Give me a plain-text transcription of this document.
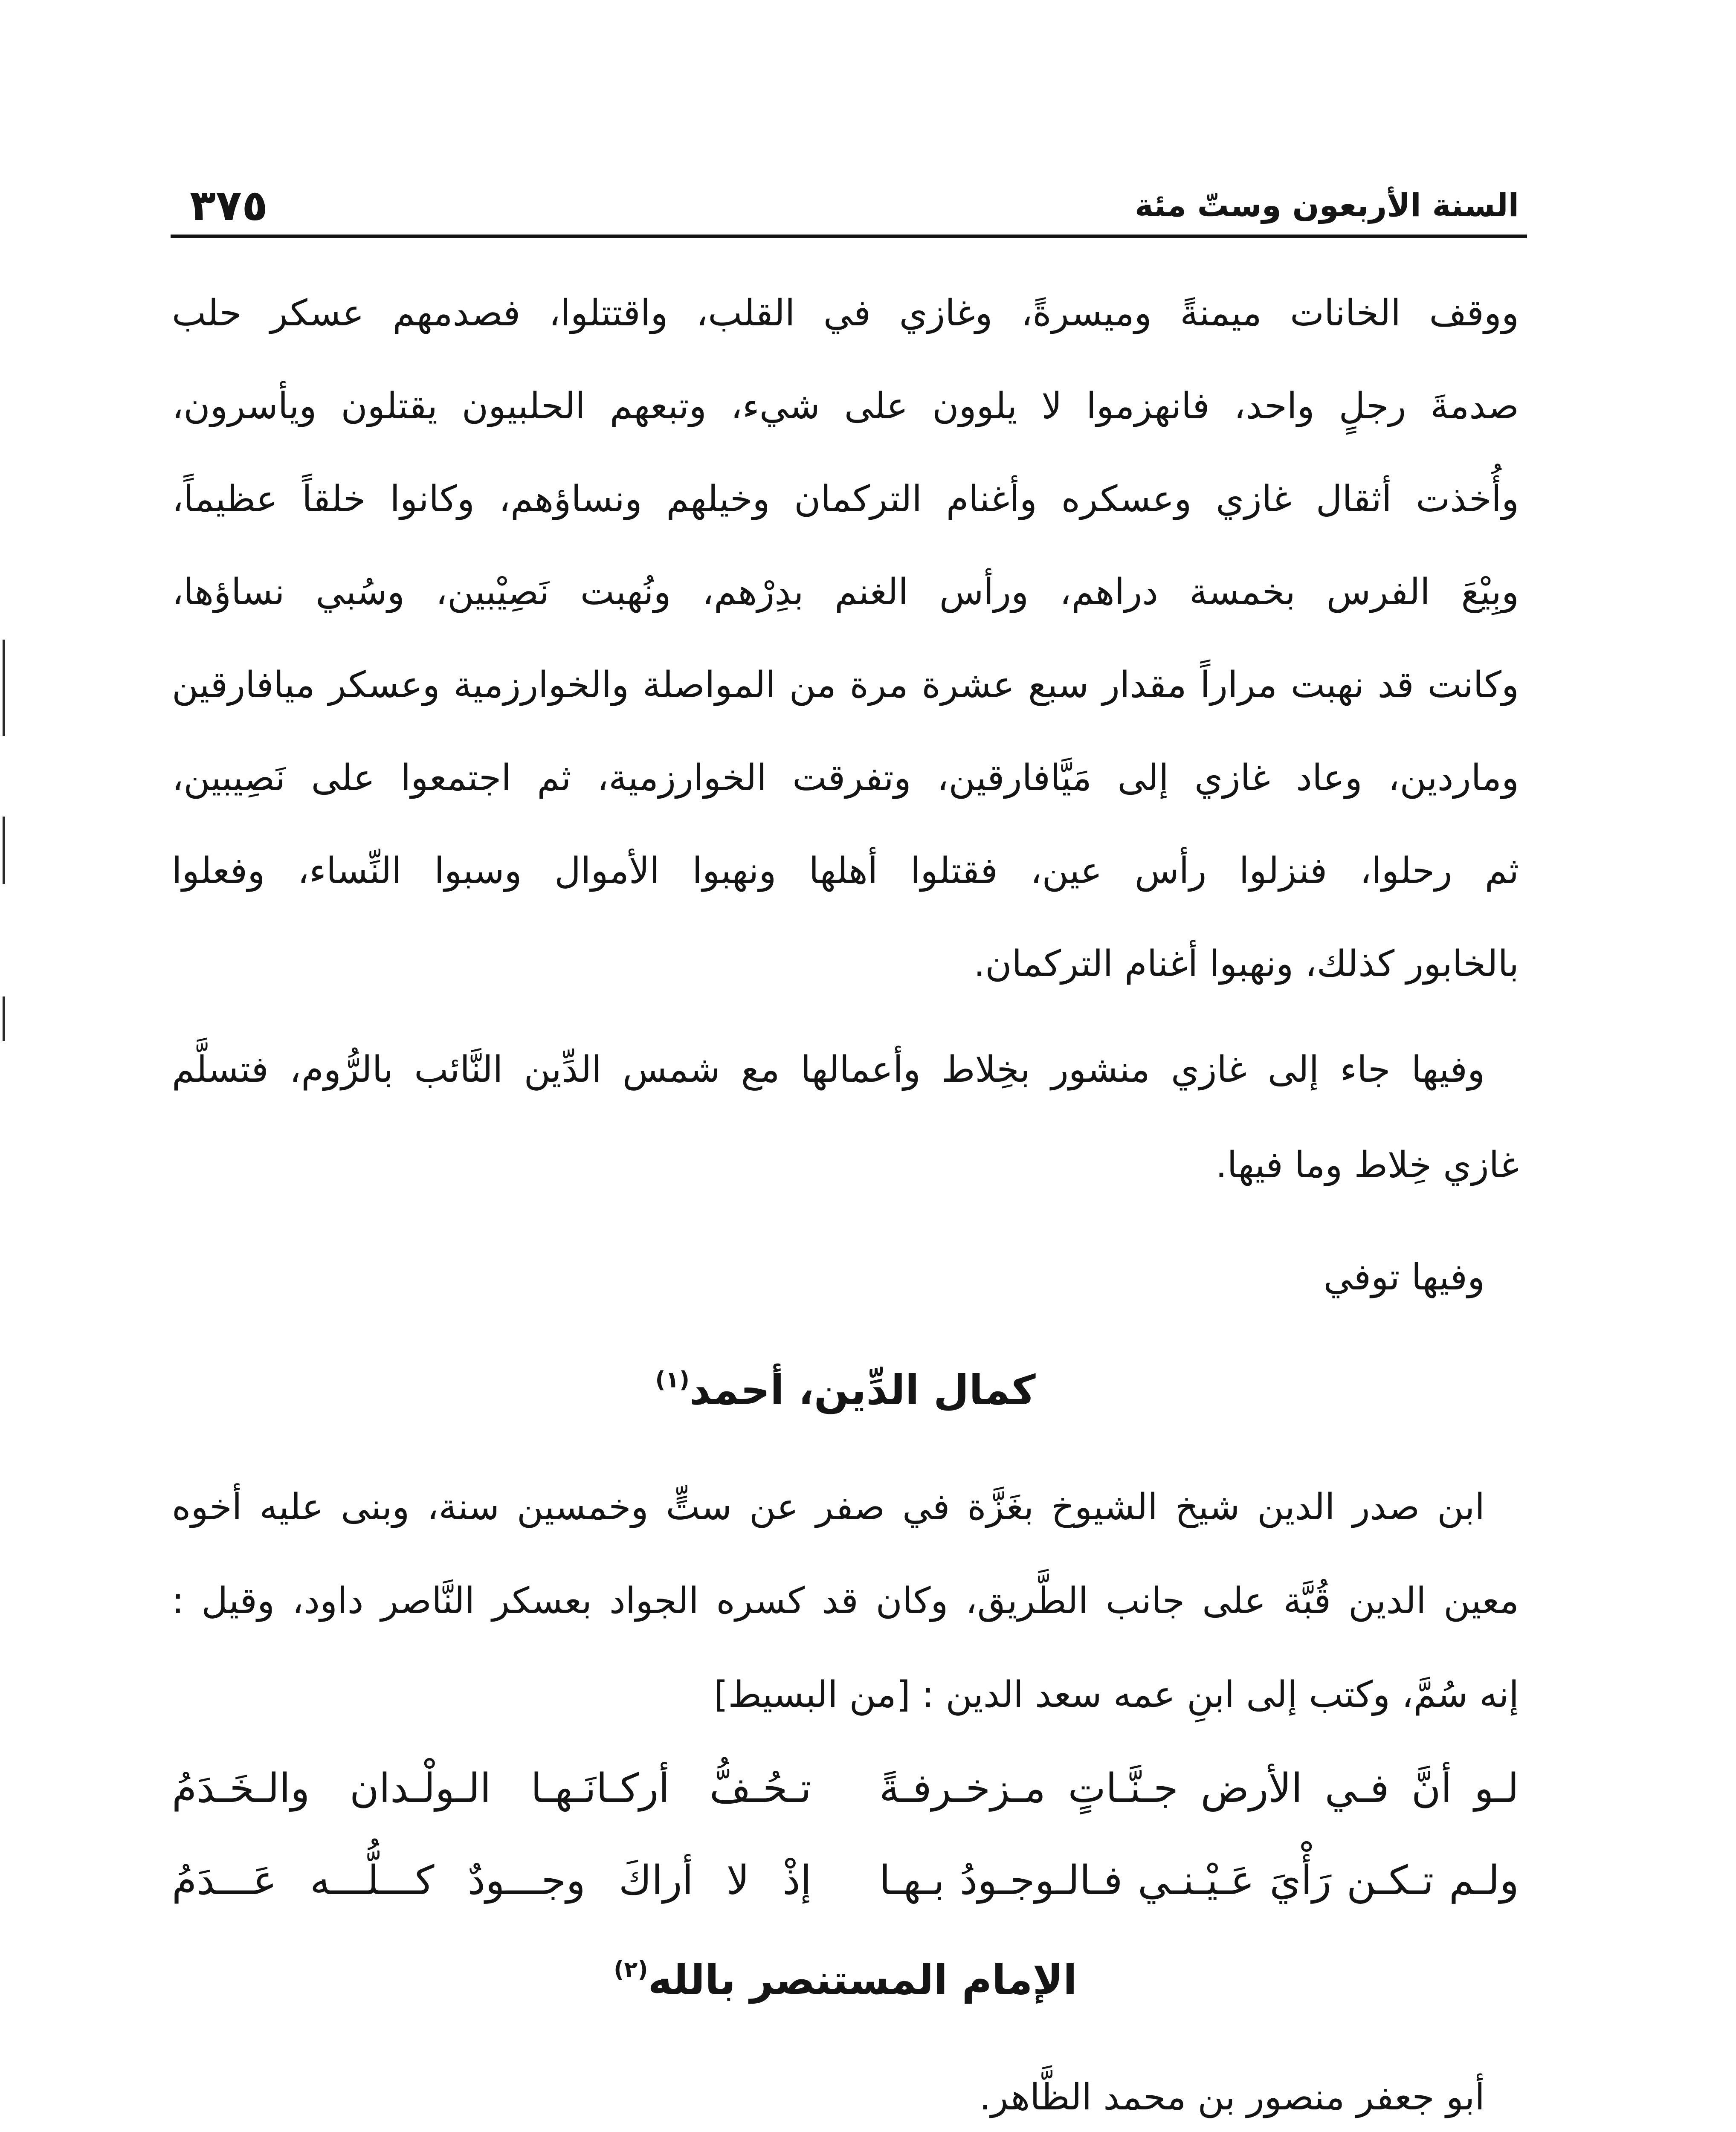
السنة الأربعون وستّ مئة
٣٧٥
ووقف الخانات ميمنةً وميسرةً، وغازي في القلب، واقتتلوا، فصدمهم عسكر حلب
صدمةَ رجلٍ واحد، فانهزموا لا يلوون على شيء، وتبعهم الحلبيون يقتلون ويأسرون،
وأُخذت أثقال غازي وعسكره وأغنام التركمان وخيلهم ونساؤهم، وكانوا خلقاً عظيماً،
وبِيْعَ الفرس بخمسة دراهم، ورأس الغنم بدِرْهم، ونُهبت نَصِيْبين، وسُبي نساؤها،
وكانت قد نهبت مراراً مقدار سبع عشرة مرة من المواصلة والخوارزمية وعسكر ميافارقين
وماردين، وعاد غازي إلى مَيَّافارقين، وتفرقت الخوارزمية، ثم اجتمعوا على نَصِيبين،
ثم رحلوا، فنزلوا رأس عين، فقتلوا أهلها ونهبوا الأموال وسبوا النِّساء، وفعلوا
بالخابور كذلك، ونهبوا أغنام التركمان.
وفيها جاء إلى غازي منشور بخِلاط وأعمالها مع شمس الدِّين النَّائب بالرُّوم، فتسلَّم
غازي خِلاط وما فيها.
وفيها توفي
كمال الدِّين، أحمد$^{(١)}$
ابن صدر الدين شيخ الشيوخ بغَزَّة في صفر عن ستٍّ وخمسين سنة، وبنى عليه أخوه
معين الدين قُبَّة على جانب الطَّريق، وكان قد كسره الجواد بعسكر النَّاصر داود، وقيل :
إنه سُمَّ، وكتب إلى ابنِ عمه سعد الدين : [من البسيط]
لـو أنَّ فـي الأرض جـنَّـاتٍ مـزخـرفـةً
تـحُـفُّ أركـانَـهـا الـولْـدان والـخَـدَمُ
ولـم تـكـن رَأْيَ عَـيْـنـي فـالـوجـودُ بـهـا
إذْ لا أراكَ وجـــودٌ كـــلُّـــه عَـــدَمُ
الإمام المستنصر بالله$^{(٢)}$
أبو جعفر منصور بن محمد الظَّاهر.
